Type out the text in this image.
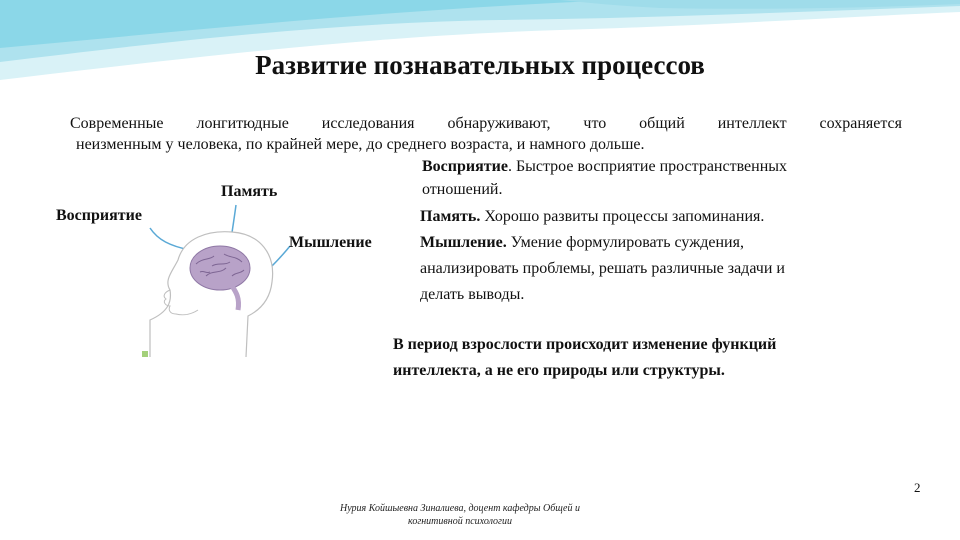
Развитие познавательных процессов
Современные лонгитюдные исследования обнаруживают, что общий интеллект сохраняется
неизменным у человека, по крайней мере, до среднего возраста, и намного дольше.
Память
Восприятие
Мышление
Восприятие. Быстрое восприятие пространственных
отношений.
Память. Хорошо развиты процессы запоминания.
Мышление. Умение формулировать суждения,
анализировать проблемы, решать различные задачи и
делать выводы.
В период взрослости происходит изменение функций
интеллекта, а не его природы или структуры.
2
Нурия Койшыевна Зиналиева, доцент кафедры Общей и
когнитивной психологии
